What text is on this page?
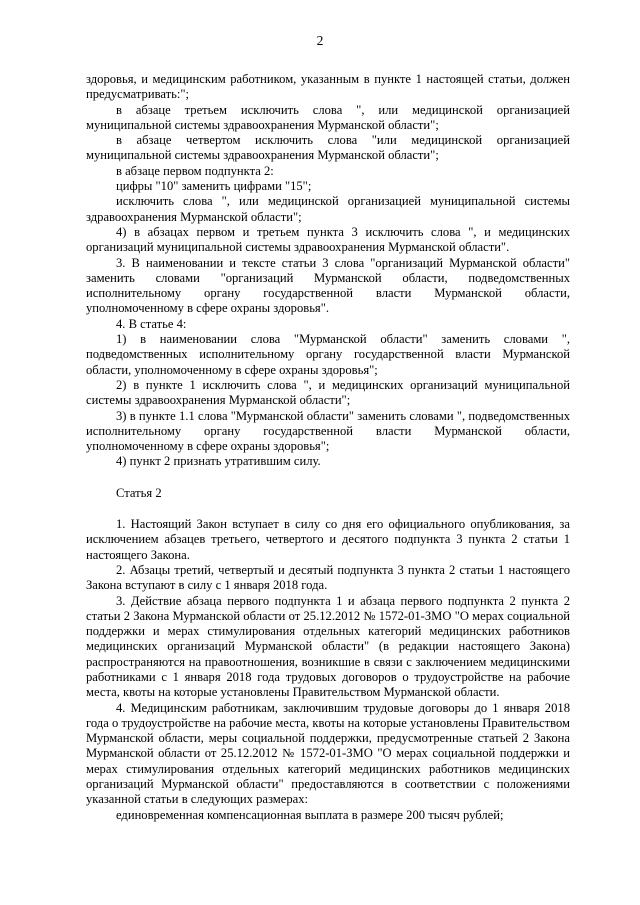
2

здоровья, и медицинским работником, указанным в пункте 1 настоящей статьи, должен предусматривать:";

в абзаце третьем исключить слова ", или медицинской организацией муниципальной системы здравоохранения Мурманской области";

в абзаце четвертом исключить слова "или медицинской организацией муниципальной системы здравоохранения Мурманской области";

в абзаце первом подпункта 2:

цифры "10" заменить цифрами "15";

исключить слова ", или медицинской организацией муниципальной системы здравоохранения Мурманской области";

4) в абзацах первом и третьем пункта 3 исключить слова ", и медицинских организаций муниципальной системы здравоохранения Мурманской области".

3. В наименовании и тексте статьи 3 слова "организаций Мурманской области" заменить словами "организаций Мурманской области, подведомственных исполнительному органу государственной власти Мурманской области, уполномоченному в сфере охраны здоровья".

4. В статье 4:

1) в наименовании слова "Мурманской области" заменить словами ", подведомственных исполнительному органу государственной власти Мурманской области, уполномоченному в сфере охраны здоровья";

2) в пункте 1 исключить слова ", и медицинских организаций муниципальной системы здравоохранения Мурманской области";

3) в пункте 1.1 слова "Мурманской области" заменить словами ", подведомственных исполнительному органу государственной власти Мурманской области, уполномоченному в сфере охраны здоровья";

4) пункт 2 признать утратившим силу.

Статья 2

1. Настоящий Закон вступает в силу со дня его официального опубликования, за исключением абзацев третьего, четвертого и десятого подпункта 3 пункта 2 статьи 1 настоящего Закона.

2. Абзацы третий, четвертый и десятый подпункта 3 пункта 2 статьи 1 настоящего Закона вступают в силу с 1 января 2018 года.

3. Действие абзаца первого подпункта 1 и абзаца первого подпункта 2 пункта 2 статьи 2 Закона Мурманской области от 25.12.2012 № 1572-01-ЗМО "О мерах социальной поддержки и мерах стимулирования отдельных категорий медицинских работников медицинских организаций Мурманской области" (в редакции настоящего Закона) распространяются на правоотношения, возникшие в связи с заключением медицинскими работниками с 1 января 2018 года трудовых договоров о трудоустройстве на рабочие места, квоты на которые установлены Правительством Мурманской области.

4. Медицинским работникам, заключившим трудовые договоры до 1 января 2018 года о трудоустройстве на рабочие места, квоты на которые установлены Правительством Мурманской области, меры социальной поддержки, предусмотренные статьей 2 Закона Мурманской области от 25.12.2012 № 1572-01-ЗМО "О мерах социальной поддержки и мерах стимулирования отдельных категорий медицинских работников медицинских организаций Мурманской области" предоставляются в соответствии с положениями указанной статьи в следующих размерах:

единовременная компенсационная выплата в размере 200 тысяч рублей;
